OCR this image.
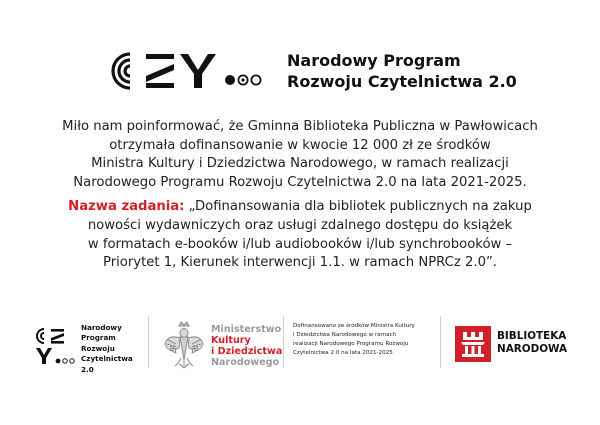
Narodowy Program
Rozwoju Czytelnictwa 2.0

Miło nam poinformować, że Gminna Biblioteka Publiczna w Pawłowicach
otrzymała dofinansowanie w kwocie 12 000 zł ze środków
Ministra Kultury i Dziedzictwa Narodowego, w ramach realizacji
Narodowego Programu Rozwoju Czytelnictwa 2.0 na lata 2021-2025.

Nazwa zadania: „Dofinansowania dla bibliotek publicznych na zakup
nowości wydawniczych oraz usługi zdalnego dostępu do książek
w formatach e-booków i/lub audiobooków i/lub synchrobooków –
Priorytet 1, Kierunek interwencji 1.1. w ramach NPRCz 2.0”.

Narodowy
Program
Rozwoju
Czytelnictwa
2.0
Ministerstwo
Kultury
i Dziedzictwa
Narodowego
Dofinansowano ze środków Ministra Kultury
i Dziedzictwa Narodowego w ramach
realizacji Narodowego Programu Rozwoju
Czytelnictwa 2.0 na lata 2021-2025
BIBLIOTEKA
NARODOWA
